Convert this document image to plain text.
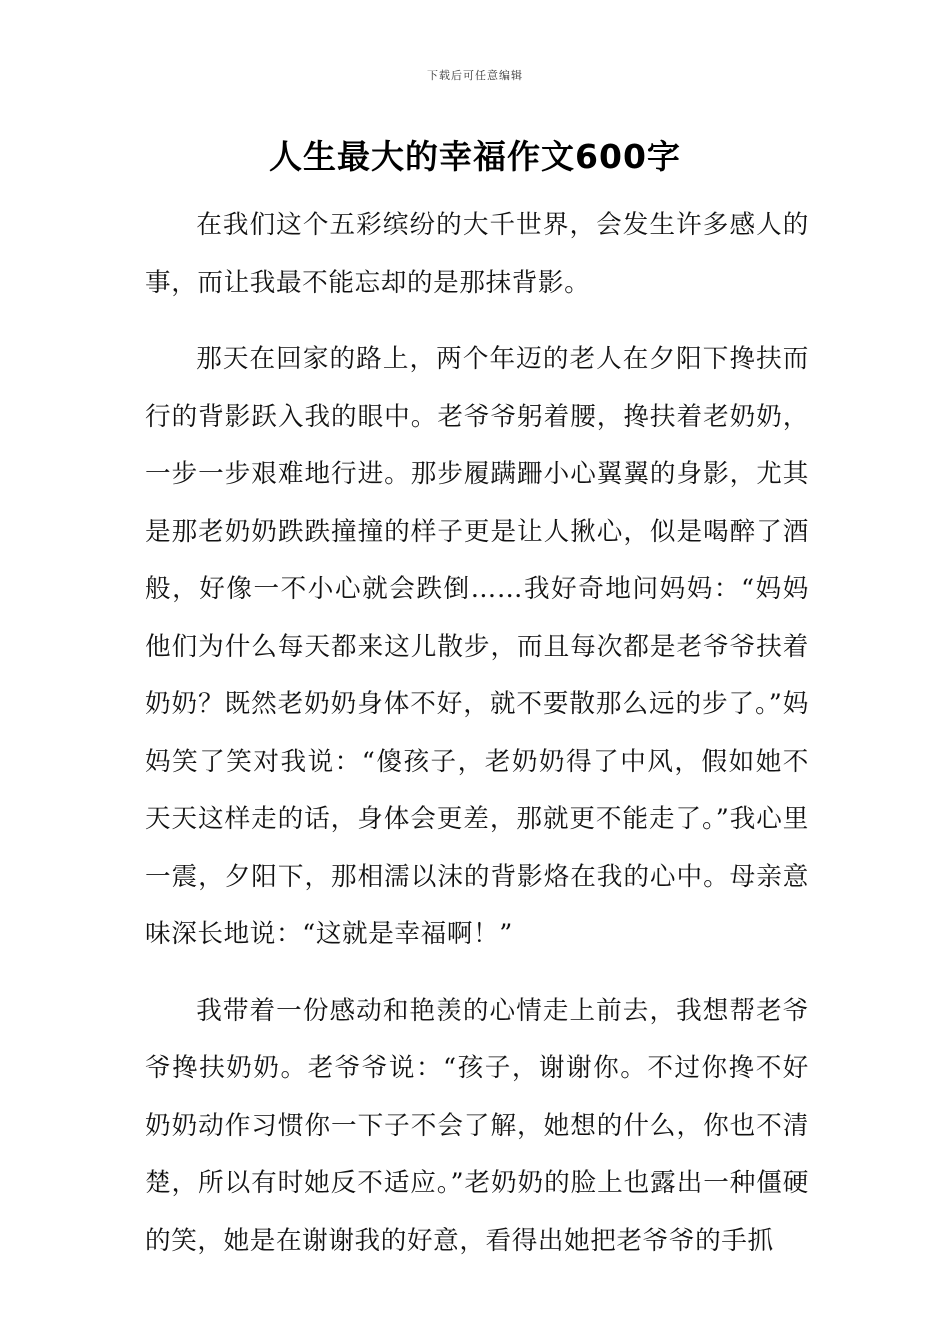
下载后可任意编辑
人生最大的幸福作文600字

在我们这个五彩缤纷的大千世界，会发生许多感人的事，而让我最不能忘却的是那抹背影。

那天在回家的路上，两个年迈的老人在夕阳下搀扶而行的背影跃入我的眼中。老爷爷躬着腰，搀扶着老奶奶，一步一步艰难地行进。那步履蹒跚小心翼翼的身影，尤其是那老奶奶跌跌撞撞的样子更是让人揪心，似是喝醉了酒般，好像一不小心就会跌倒……我好奇地问妈妈：“妈妈他们为什么每天都来这儿散步，而且每次都是老爷爷扶着奶奶？既然老奶奶身体不好，就不要散那么远的步了。”妈妈笑了笑对我说：“傻孩子，老奶奶得了中风，假如她不天天这样走的话，身体会更差，那就更不能走了。”我心里一震，夕阳下，那相濡以沫的背影烙在我的心中。母亲意味深长地说：“这就是幸福啊！”

我带着一份感动和艳羡的心情走上前去，我想帮老爷爷搀扶奶奶。老爷爷说：“孩子，谢谢你。不过你搀不好奶奶动作习惯你一下子不会了解，她想的什么，你也不清楚，所以有时她反不适应。”老奶奶的脸上也露出一种僵硬的笑，她是在谢谢我的好意，看得出她把老爷爷的手抓
